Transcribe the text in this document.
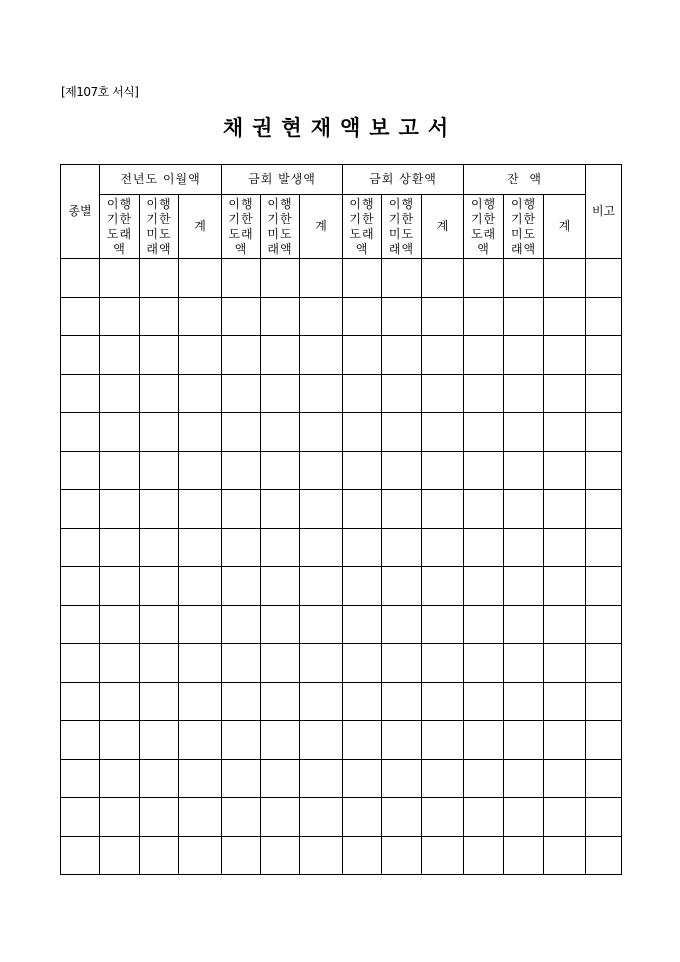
[제107호 서식]
채권현재액보고서
종별	전년도 이월액			금회 발생액			금회 상환액			잔  액			비고
	이행기한도래액	이행기한미도래액	계	이행기한도래액	이행기한미도래액	계	이행기한도래액	이행기한미도래액	계	이행기한도래액	이행기한미도래액	계	
